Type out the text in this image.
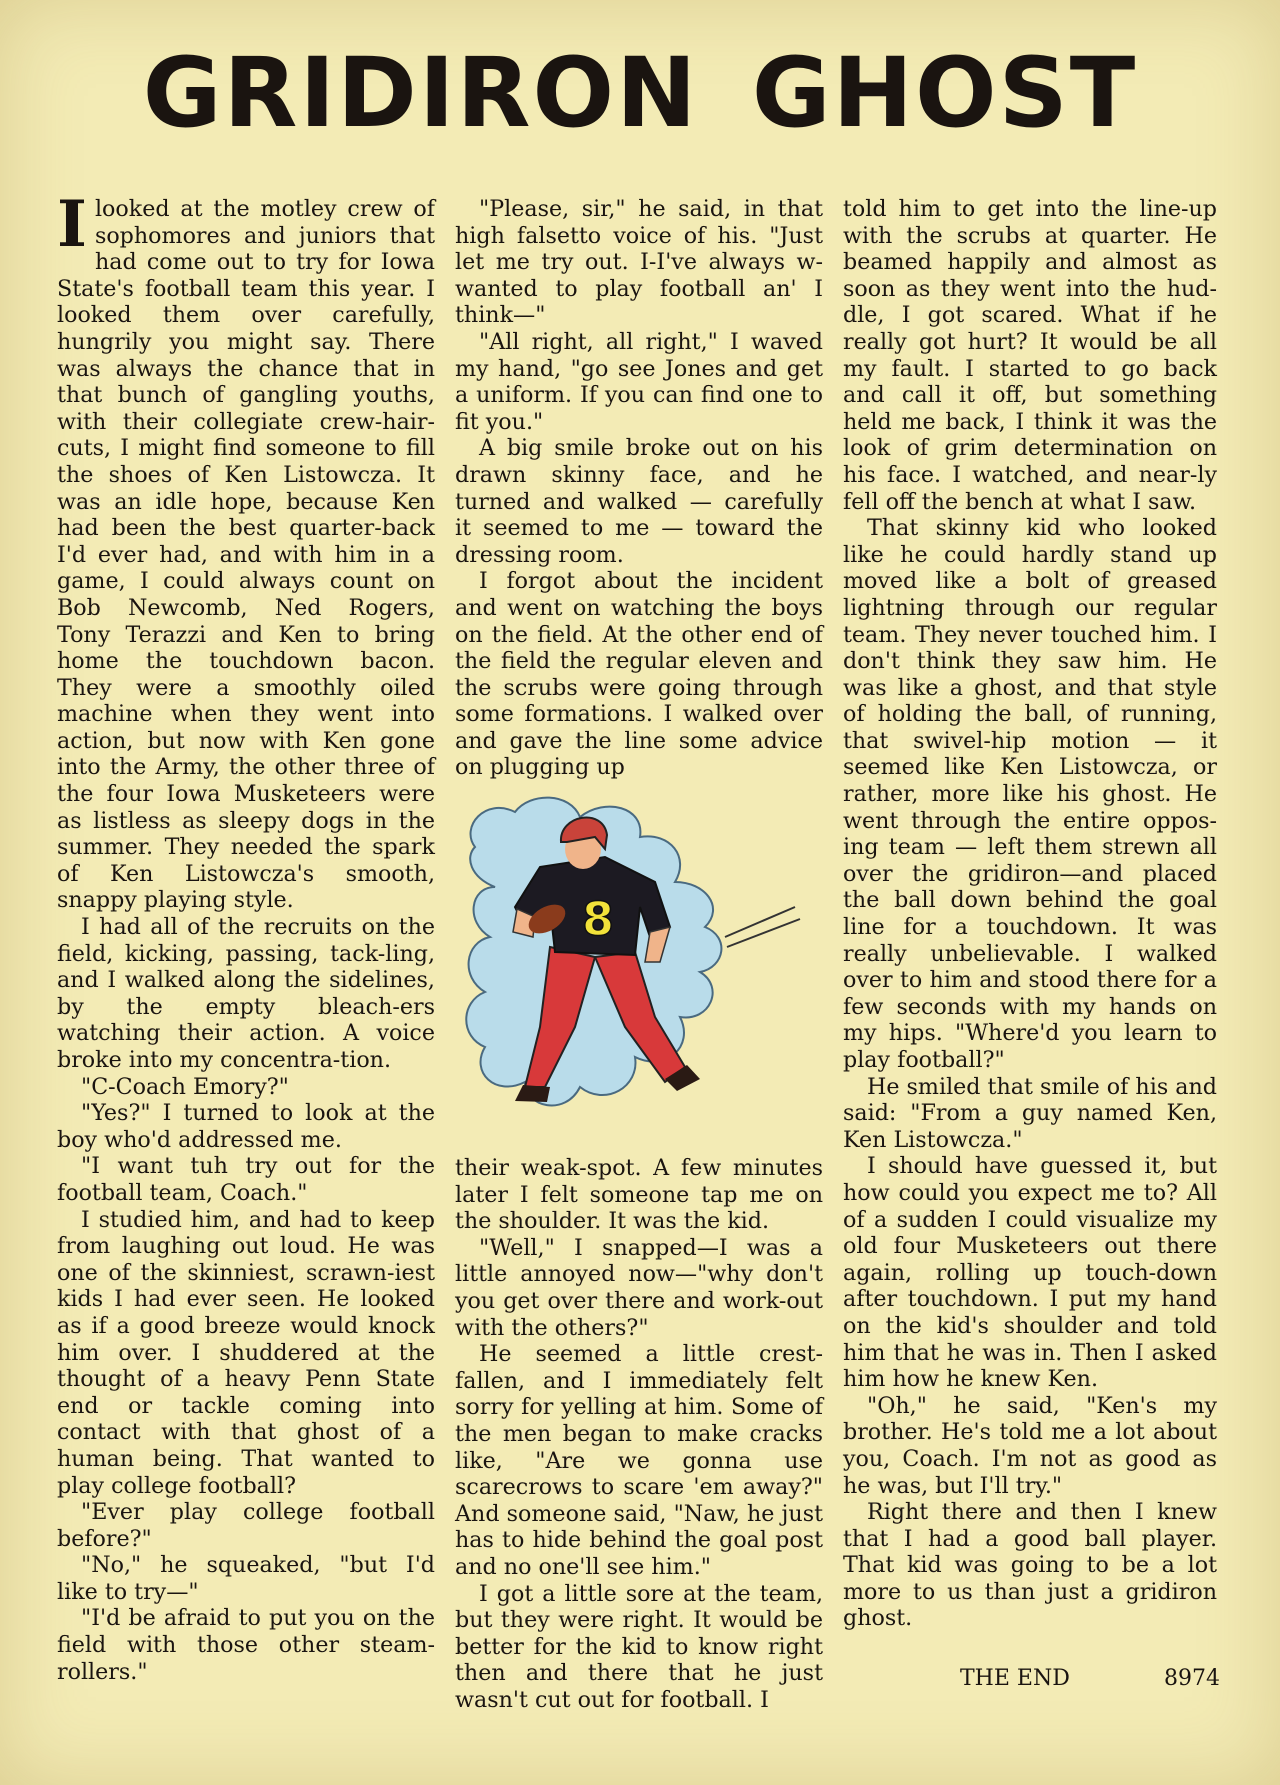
GRIDIRON GHOST

Ilooked at the motley crew of sophomores and juniors that had come out to try for Iowa State's football team this year. I looked them over carefully, hungrily you might say. There was always the chance that in that bunch of gangling youths, with their collegiate crew-hair-cuts, I might find someone to fill the shoes of Ken Listowcza. It was an idle hope, because Ken had been the best quarter-back I'd ever had, and with him in a game, I could always count on Bob Newcomb, Ned Rogers, Tony Terazzi and Ken to bring home the touchdown bacon. They were a smoothly oiled machine when they went into action, but now with Ken gone into the Army, the other three of the four Iowa Musketeers were as listless as sleepy dogs in the summer. They needed the spark of Ken Listowcza's smooth, snappy playing style.

I had all of the recruits on the field, kicking, passing, tack-ling, and I walked along the sidelines, by the empty bleach-ers watching their action. A voice broke into my concentra-tion.

"C-Coach Emory?"

"Yes?" I turned to look at the boy who'd addressed me.

"I want tuh try out for the football team, Coach."

I studied him, and had to keep from laughing out loud. He was one of the skinniest, scrawn-iest kids I had ever seen. He looked as if a good breeze would knock him over. I shuddered at the thought of a heavy Penn State end or tackle coming into contact with that ghost of a human being. That wanted to play college football?

"Ever play college football before?"

"No," he squeaked, "but I'd like to try—"

"I'd be afraid to put you on the field with those other steam-rollers."

"Please, sir," he said, in that high falsetto voice of his. "Just let me try out. I-I've always w-wanted to play football an' I think—"

"All right, all right," I waved my hand, "go see Jones and get a uniform. If you can find one to fit you."

A big smile broke out on his drawn skinny face, and he turned and walked — carefully it seemed to me — toward the dressing room.

I forgot about the incident and went on watching the boys on the field. At the other end of the field the regular eleven and the scrubs were going through some formations. I walked over and gave the line some advice on plugging up

8

their weak-spot. A few minutes later I felt someone tap me on the shoulder. It was the kid.

"Well," I snapped—I was a little annoyed now—"why don't you get over there and work-out with the others?"

He seemed a little crest-fallen, and I immediately felt sorry for yelling at him. Some of the men began to make cracks like, "Are we gonna use scarecrows to scare 'em away?" And someone said, "Naw, he just has to hide behind the goal post and no one'll see him."

I got a little sore at the team, but they were right. It would be better for the kid to know right then and there that he just wasn't cut out for football. I

told him to get into the line-up with the scrubs at quarter. He beamed happily and almost as soon as they went into the hud-dle, I got scared. What if he really got hurt? It would be all my fault. I started to go back and call it off, but something held me back, I think it was the look of grim determination on his face. I watched, and near-ly fell off the bench at what I saw.

That skinny kid who looked like he could hardly stand up moved like a bolt of greased lightning through our regular team. They never touched him. I don't think they saw him. He was like a ghost, and that style of holding the ball, of running, that swivel-hip motion — it seemed like Ken Listowcza, or rather, more like his ghost. He went through the entire oppos-ing team — left them strewn all over the gridiron—and placed the ball down behind the goal line for a touchdown. It was really unbelievable. I walked over to him and stood there for a few seconds with my hands on my hips. "Where'd you learn to play football?"

He smiled that smile of his and said: "From a guy named Ken, Ken Listowcza."

I should have guessed it, but how could you expect me to? All of a sudden I could visualize my old four Musketeers out there again, rolling up touch-down after touchdown. I put my hand on the kid's shoulder and told him that he was in. Then I asked him how he knew Ken.

"Oh," he said, "Ken's my brother. He's told me a lot about you, Coach. I'm not as good as he was, but I'll try."

Right there and then I knew that I had a good ball player. That kid was going to be a lot more to us than just a gridiron ghost.

THE END	8974
